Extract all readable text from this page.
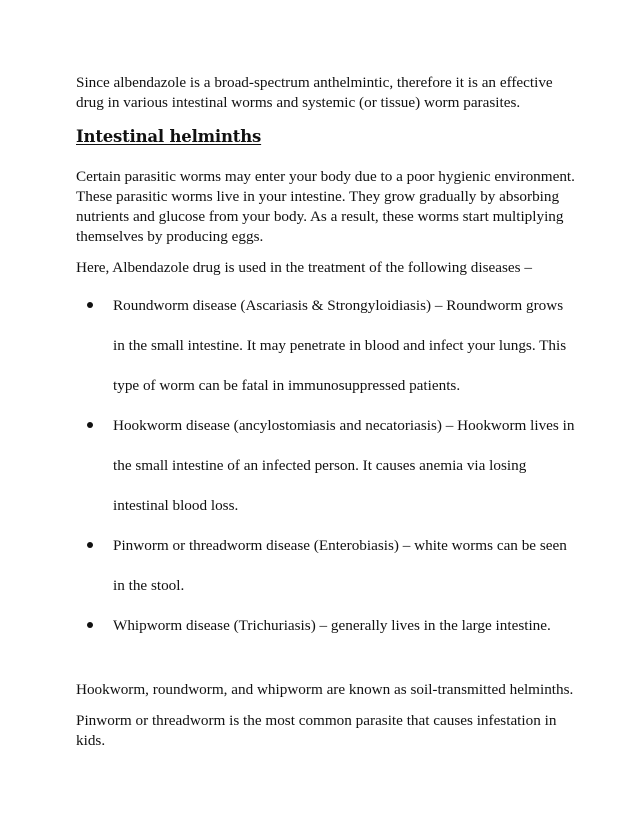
Since albendazole is a broad-spectrum anthelmintic, therefore it is an effective drug in various intestinal worms and systemic (or tissue) worm parasites.

Intestinal helminths

Certain parasitic worms may enter your body due to a poor hygienic environment. These parasitic worms live in your intestine. They grow gradually by absorbing nutrients and glucose from your body. As a result, these worms start multiplying themselves by producing eggs.

Here, Albendazole drug is used in the treatment of the following diseases –

Roundworm disease (Ascariasis & Strongyloidiasis) – Roundworm grows in the small intestine. It may penetrate in blood and infect your lungs. This type of worm can be fatal in immunosuppressed patients.
Hookworm disease (ancylostomiasis and necatoriasis) – Hookworm lives in the small intestine of an infected person. It causes anemia via losing intestinal blood loss.
Pinworm or threadworm disease (Enterobiasis) – white worms can be seen in the stool.
Whipworm disease (Trichuriasis) – generally lives in the large intestine.

Hookworm, roundworm, and whipworm are known as soil-transmitted helminths.

Pinworm or threadworm is the most common parasite that causes infestation in kids.
